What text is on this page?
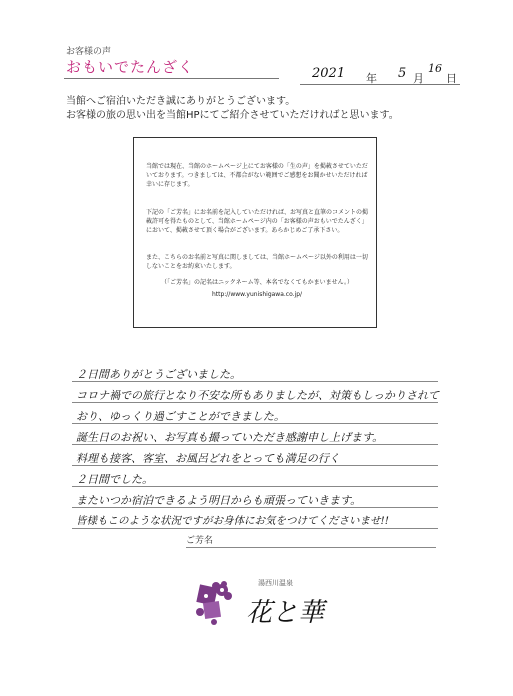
お客様の声
おもいでたんざく	2021 年 5 月
16
日
当館へご宿泊いただき誠にありがとうございます。
お客様の旅の思い出を当館HPにてご紹介させていただければと思います。

当館では現在、当館のホームページ上にてお客様の「生の声」を掲載させていただいております。つきましては、不都合がない範囲でご感想をお聞かせいただければ幸いに存じます。

下記の「ご芳名」にお名前を記入していただければ、お写真と直筆のコメントの掲載許可を得たものとして、当館ホームページ内の「お客様の声おもいでたんざく」において、掲載させて頂く場合がございます。あらかじめご了承下さい。

また、こちらのお名前と写真に関しましては、当館ホームページ以外の利用は一切しないことをお約束いたします。

（「ご芳名」の記名はニックネーム等、本名でなくてもかまいません。）

http://www.yunishigawa.co.jp/

２日間ありがとうございました。
コロナ禍での旅行となり不安な所もありましたが、対策もしっかりされて
おり、ゆっくり過ごすことができました。
誕生日のお祝い、お写真も撮っていただき感謝申し上げます。
料理も接客、客室、お風呂どれをとっても満足の行く
２日間でした。
またいつか宿泊できるよう明日からも頑張っていきます。
皆様もこのような状況ですがお身体にお気をつけてくださいませ!!
ご芳名
湯西川温泉
花と華
